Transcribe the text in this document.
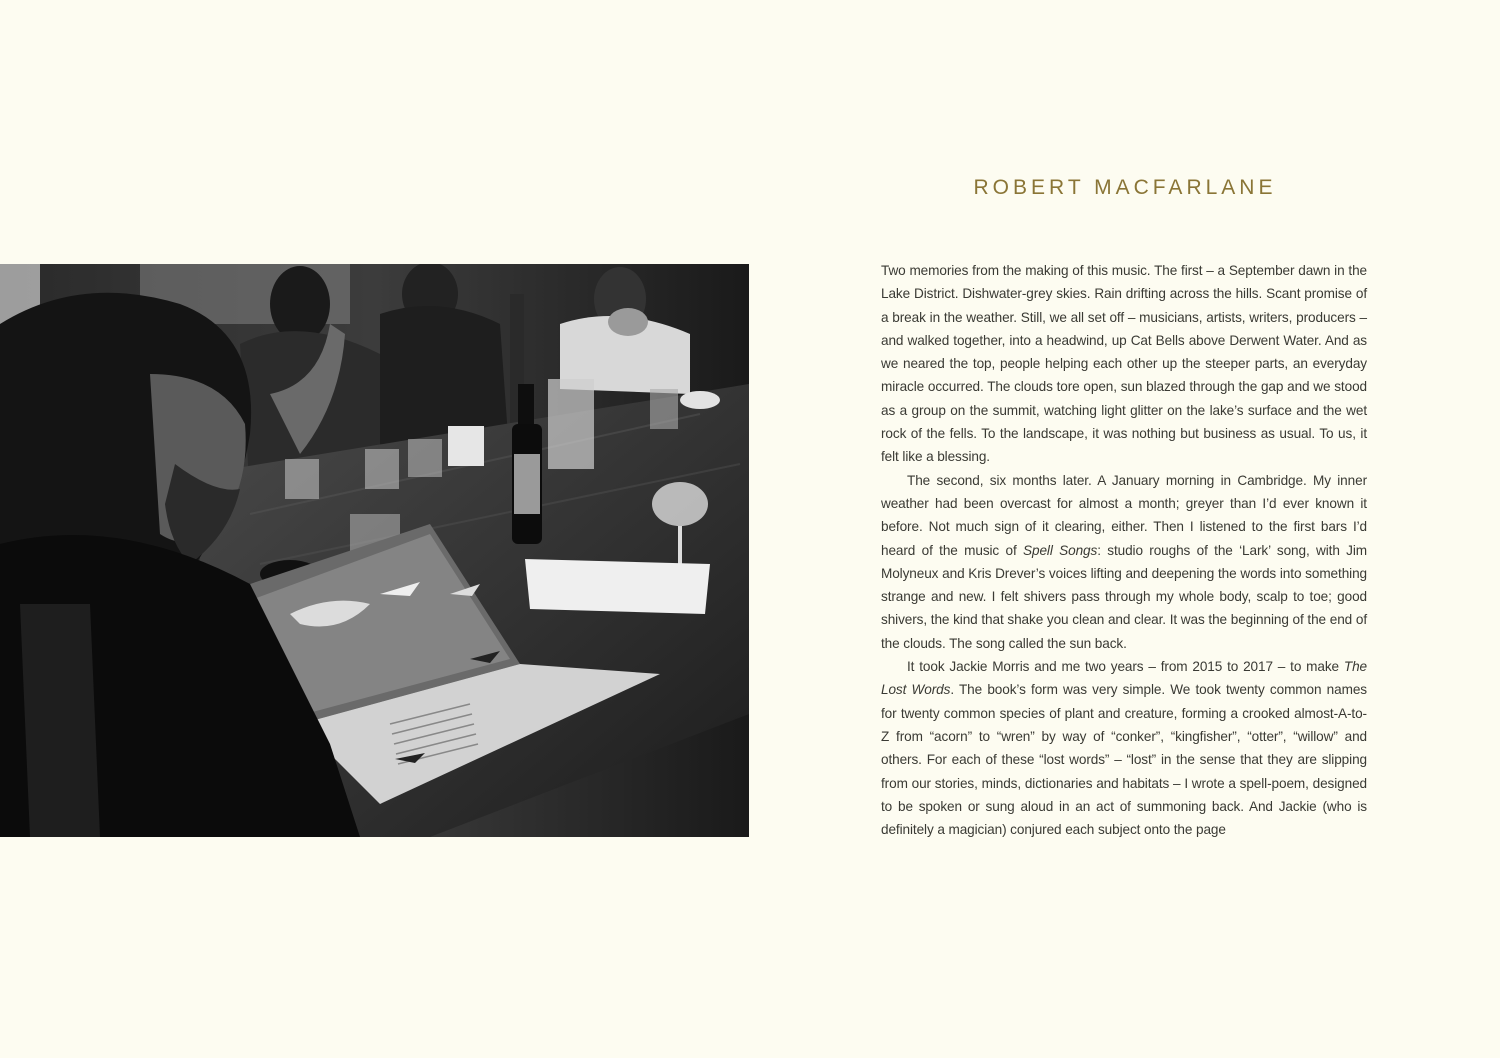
ROBERT MACFARLANE

Two memories from the making of this music. The first – a September dawn in the Lake District. Dishwater-grey skies. Rain drifting across the hills. Scant promise of a break in the weather. Still, we all set off – musicians, artists, writers, producers – and walked together, into a headwind, up Cat Bells above Derwent Water. And as we neared the top, people helping each other up the steeper parts, an everyday miracle occurred. The clouds tore open, sun blazed through the gap and we stood as a group on the summit, watching light glitter on the lake’s surface and the wet rock of the fells. To the landscape, it was nothing but business as usual. To us, it felt like a blessing.

The second, six months later. A January morning in Cambridge. My inner weather had been overcast for almost a month; greyer than I’d ever known it before. Not much sign of it clearing, either. Then I listened to the first bars I’d heard of the music of Spell Songs: studio roughs of the ‘Lark’ song, with Jim Molyneux and Kris Drever’s voices lifting and deepening the words into something strange and new. I felt shivers pass through my whole body, scalp to toe; good shivers, the kind that shake you clean and clear. It was the beginning of the end of the clouds. The song called the sun back.

It took Jackie Morris and me two years – from 2015 to 2017 – to make The Lost Words. The book’s form was very simple. We took twenty common names for twenty common species of plant and creature, forming a crooked almost-A-to-Z from “acorn” to “wren” by way of “conker”, “kingfisher”, “otter”, “willow” and others. For each of these “lost words” – “lost” in the sense that they are slipping from our stories, minds, dictionaries and habitats – I wrote a spell-poem, designed to be spoken or sung aloud in an act of summoning back. And Jackie (who is definitely a magician) conjured each subject onto the page
